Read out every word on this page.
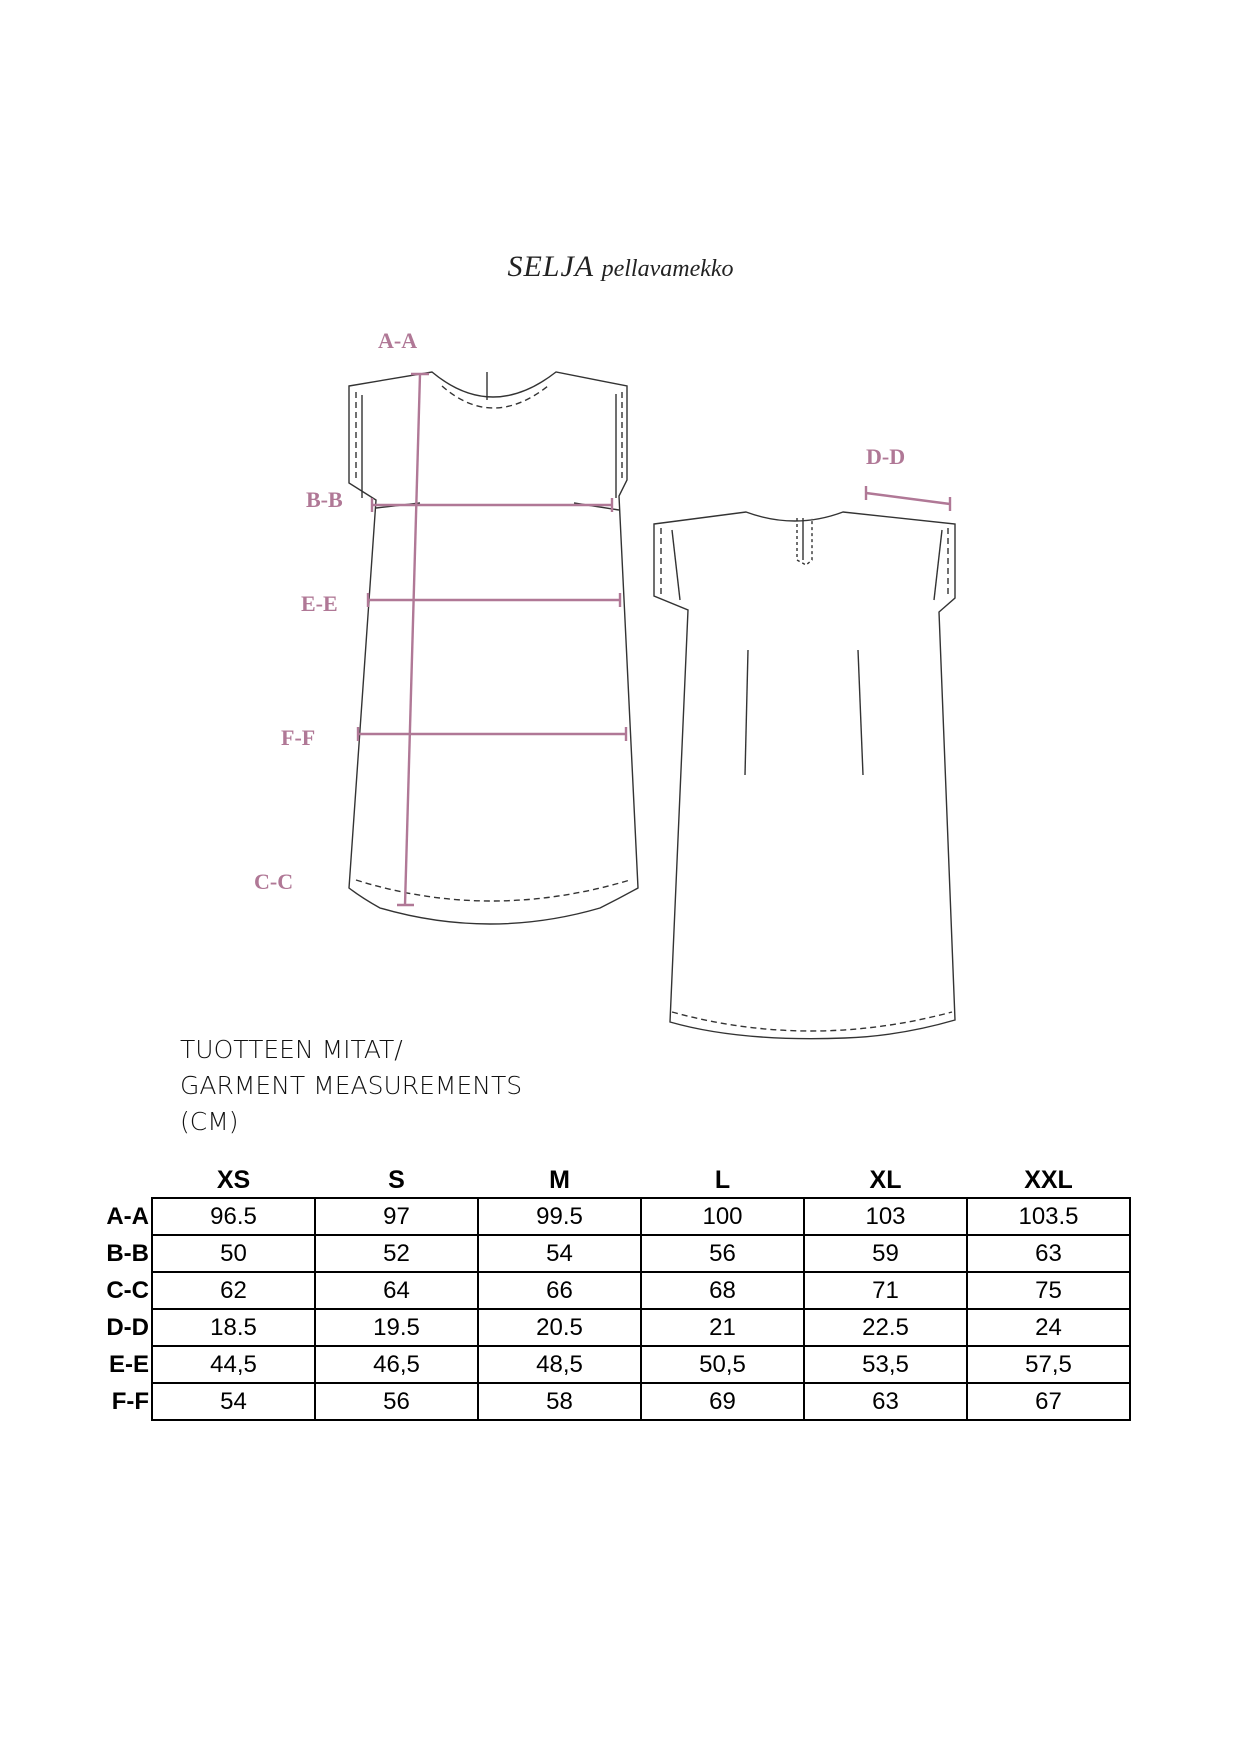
SELJA pellavamekko
A-A
B-B
E-E
F-F
C-C
D-D
TUOTTEEN MITAT/
GARMENT MEASUREMENTS
(CM)
	XS	S	M	L	XL	XXL
A-A	96.5	97	99.5	100	103	103.5
B-B	50	52	54	56	59	63
C-C	62	64	66	68	71	75
D-D	18.5	19.5	20.5	21	22.5	24
E-E	44,5	46,5	48,5	50,5	53,5	57,5
F-F	54	56	58	69	63	67
